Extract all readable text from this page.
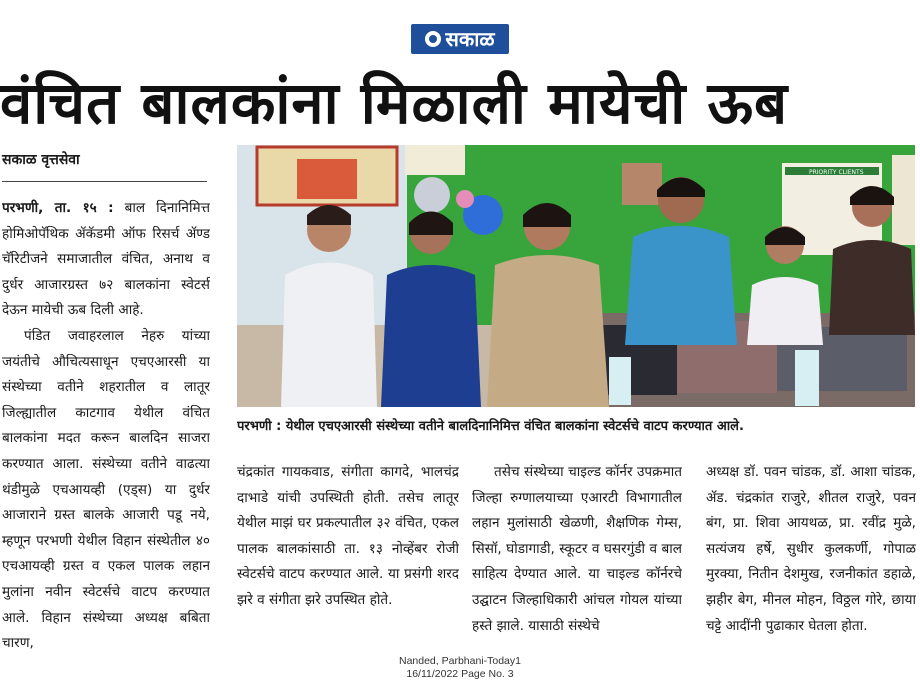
सकाळ
वंचित बालकांना मिळाली मायेची ऊब
सकाळ वृत्तसेवा

परभणी, ता. १५ : बाल दिनानिमित्त होमिओपॅथिक ॲकॅडमी ऑफ रिसर्च ॲण्ड चॅरिटीजने समाजातील वंचित, अनाथ व दुर्धर आजारग्रस्त ७२ बालकांना स्वेटर्स देऊन मायेची ऊब दिली आहे.

पंडित जवाहरलाल नेहरु यांच्या जयंतीचे औचित्यसाधून एचएआरसी या संस्थेच्या वतीने शहरातील व लातूर जिल्ह्यातील काटगाव येथील वंचित बालकांना मदत करून बालदिन साजरा करण्यात आला. संस्थेच्या वतीने वाढत्या थंडीमुळे एचआयव्ही (एड्स) या दुर्धर आजाराने ग्रस्त बालके आजारी पडू नये, म्हणून परभणी येथील विहान संस्थेतील ४० एचआयव्ही ग्रस्त व एकल पालक लहान मुलांना नवीन स्वेटर्सचे वाटप करण्यात आले. विहान संस्थेच्या अध्यक्ष बबिता चारण,

PRIORITY CLIENTS
परभणी : येथील एचएआरसी संस्थेच्या वतीने बालदिनानिमित्त वंचित बालकांना स्वेटर्सचे वाटप करण्यात आले.

चंद्रकांत गायकवाड, संगीता कागदे, भालचंद्र दाभाडे यांची उपस्थिती होती. तसेच लातूर येथील माझं घर प्रकल्पातील ३२ वंचित, एकल पालक बालकांसाठी ता. १३ नोव्हेंबर रोजी स्वेटर्सचे वाटप करण्यात आले. या प्रसंगी शरद झरे व संगीता झरे उपस्थित होते.

तसेच संस्थेच्या चाइल्ड कॉर्नर उपक्रमात जिल्हा रुग्णालयाच्या एआरटी विभागातील लहान मुलांसाठी खेळणी, शैक्षणिक गेम्स, सिसॉ, घोडागाडी, स्कूटर व घसरगुंडी व बाल साहित्य देण्यात आले. या चाइल्ड कॉर्नरचे उद्घाटन जिल्हाधिकारी आंचल गोयल यांच्या हस्ते झाले. यासाठी संस्थेचे

अध्यक्ष डॉ. पवन चांडक, डॉ. आशा चांडक, ॲड. चंद्रकांत राजुरे, शीतल राजुरे, पवन बंग, प्रा. शिवा आयथळ, प्रा. रवींद्र मुळे, सत्यंजय हर्षे, सुधीर कुलकर्णी, गोपाळ मुरक्या, नितीन देशमुख, रजनीकांत डहाळे, झहीर बेग, मीनल मोहन, विठ्ठल गोरे, छाया चट्टे आदींनी पुढाकार घेतला होता.

Nanded, Parbhani-Today1
16/11/2022 Page No. 3
